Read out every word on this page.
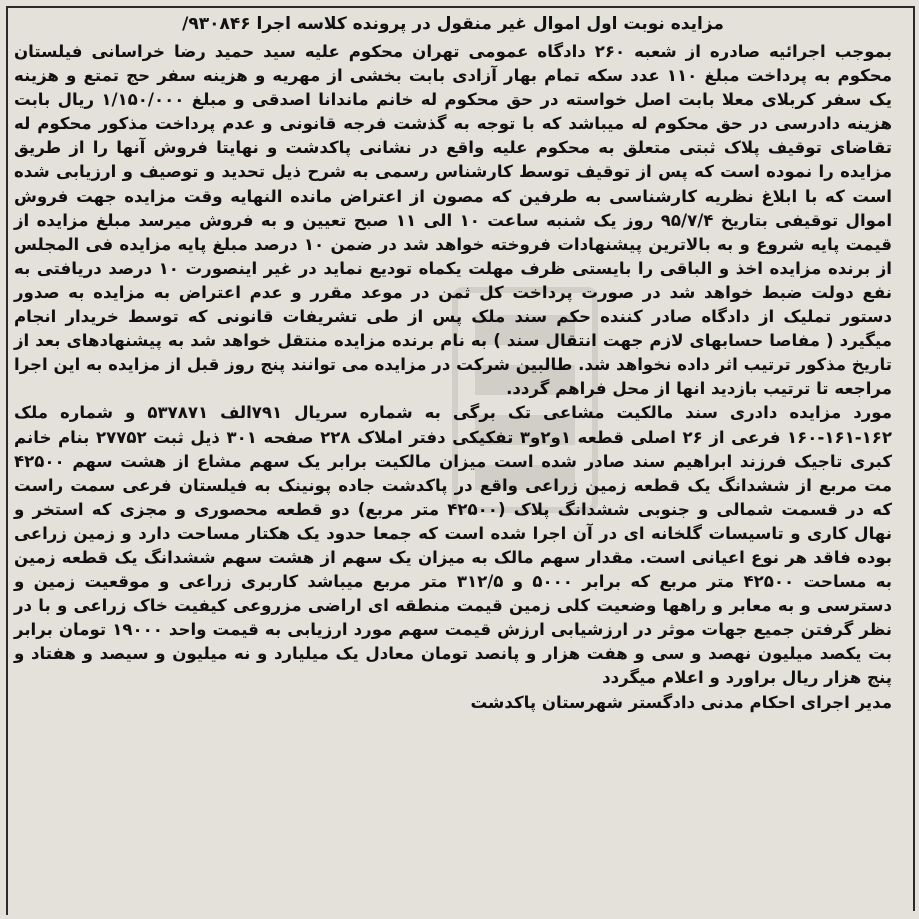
مزایده نوبت اول اموال غیر منقول در پرونده کلاسه اجرا ۹۳۰۸۴۶/

بموجب اجرائیه صادره از شعبه ۲۶۰ دادگاه عمومی تهران محکوم علیه سید حمید رضا خراسانی فیلستان محکوم به پرداخت مبلغ ۱۱۰ عدد سکه تمام بهار آزادی بابت بخشی از مهریه و هزینه سفر حج تمتع و هزینه یک سفر کربلای معلا بابت اصل خواسته در حق محکوم له خانم ماندانا اصدقی و مبلغ ۱/۱۵۰/۰۰۰ ریال بابت هزینه دادرسی در حق محکوم له میباشد که با توجه به گذشت فرجه قانونی و عدم پرداخت مذکور محکوم له تقاضای توقیف پلاک ثبتی متعلق به محکوم علیه واقع در نشانی پاکدشت و نهایتا فروش آنها را از طریق مزایده را نموده است که پس از توقیف توسط کارشناس رسمی به شرح ذیل تحدید و توصیف و ارزیابی شده است که با ابلاغ نظریه کارشناسی به طرفین که مصون از اعتراض مانده النهایه وقت مزایده جهت فروش اموال توقیفی بتاریخ ۹۵/۷/۴ روز یک شنبه ساعت ۱۰ الی ۱۱ صبح تعیین و به فروش میرسد مبلغ مزایده از قیمت پایه شروع و به بالاترین پیشنهادات فروخته خواهد شد در ضمن ۱۰ درصد مبلغ پایه مزایده فی المجلس از برنده مزایده اخذ و الباقی را بایستی ظرف مهلت یکماه تودیع نماید در غیر اینصورت ۱۰ درصد دریافتی به نفع دولت ضبط خواهد شد در صورت پرداخت کل ثمن در موعد مقرر و عدم اعتراض به مزایده به صدور دستور تملیک از دادگاه صادر کننده حکم سند ملک پس از طی تشریفات قانونی که توسط خریدار انجام میگیرد ( مفاصا حسابهای لازم جهت انتقال سند ) به نام برنده مزایده منتقل خواهد شد به پیشنهادهای بعد از تاریخ مذکور ترتیب اثر داده نخواهد شد. طالبین شرکت در مزایده می توانند پنج روز قبل از مزایده به این اجرا مراجعه تا ترتیب بازدید انها از محل فراهم گردد.

مورد مزایده دادری سند مالکیت مشاعی تک برگی به شماره سریال ۷۹۱الف ۵۳۷۸۷۱ و شماره ملک ۱۶۲-۱۶۱-۱۶۰ فرعی از ۲۶ اصلی قطعه ۱و۲و۳ تفکیکی دفتر املاک ۲۲۸ صفحه ۳۰۱ ذیل ثبت ۲۷۷۵۲ بنام خانم کبری تاجیک فرزند ابراهیم سند صادر شده است میزان مالکیت برابر یک سهم مشاع از هشت سهم ۴۲۵۰۰ مت مربع از ششدانگ یک قطعه زمین زراعی واقع در پاکدشت جاده پونینک به فیلستان فرعی سمت راست که در قسمت شمالی و جنوبی ششدانگ پلاک (۴۲۵۰۰ متر مربع) دو قطعه محصوری و مجزی که استخر و نهال کاری و تاسیسات گلخانه ای در آن اجرا شده است که جمعا حدود یک هکتار مساحت دارد و زمین زراعی بوده فاقد هر نوع اعیانی است. مقدار سهم مالک به میزان یک سهم از هشت سهم ششدانگ یک قطعه زمین به مساحت ۴۲۵۰۰ متر مربع که برابر ۵۰۰۰ و ۳۱۲/۵ متر مربع میباشد کاربری زراعی و موقعیت زمین و دسترسی و به معابر و راهها وضعیت کلی زمین قیمت منطقه ای اراضی مزروعی کیفیت خاک زراعی و با در نظر گرفتن جمیع جهات موثر در ارزشیابی ارزش قیمت سهم مورد ارزیابی به قیمت واحد ۱۹۰۰۰ تومان برابر بت یکصد میلیون نهصد و سی و هفت هزار و پانصد تومان معادل یک میلیارد و نه میلیون و سیصد و هفتاد و پنج هزار ریال براورد و اعلام میگردد

مدیر اجرای احکام مدنی دادگستر شهرستان پاکدشت
